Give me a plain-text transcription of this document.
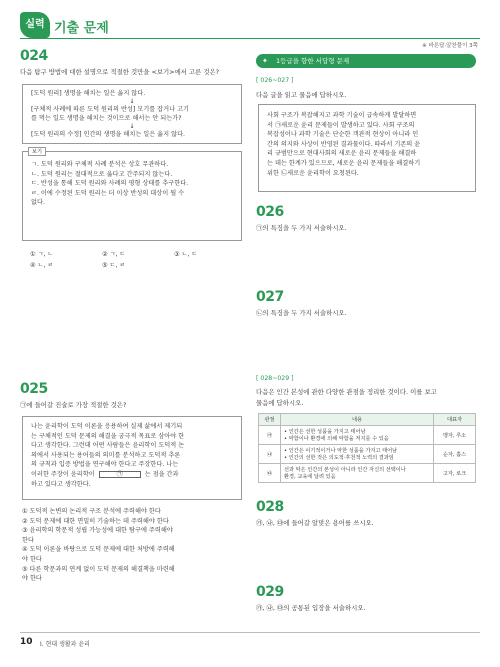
실력 기출 문제
※ 바른답·알찬풀이 3쪽
024
다음 탐구 방법에 대한 설명으로 적절한 것만을 <보기>에서 고른 것은?
[도덕 원리] 생명을 해치는 일은 옳지 않다.
↓
[구체적 사례에 따른 도덕 원리의 반성] 모기를 잡거나 고기
를 먹는 일도 생명을 해치는 것이므로 해서는 안 되는가?
↓
[도덕 원리의 수정] 인간의 생명을 해치는 일은 옳지 않다.
ㄱ. 도덕 원리와 구체적 사례 분석은 상호 무관하다.
ㄴ. 도덕 원리는 절대적으로 옳다고 간주되지 않는다.
ㄷ. 반성을 통해 도덕 원리와 사례의 평형 상태를 추구한다.
ㄹ. 이에 수정된 도덕 원리는 더 이상 반성의 대상이 될 수
없다.
보기
① ㄱ, ㄴ	② ㄱ, ㄷ	③ ㄴ, ㄷ
④ ㄴ, ㄹ	⑤ ㄷ, ㄹ
025
㉠에 들어갈 진술로 가장 적절한 것은?
나는 윤리학이 도덕 이론을 응용하여 실제 삶에서 제기되
는 구체적인 도덕 문제의 해결을 궁극적 목표로 삼아야 한
다고 생각한다. 그런데 어떤 사람들은 윤리학이 도덕적 논
의에서 사용되는 용어들의 의미를 분석하고 도덕적 추론
의 규칙과 입증 방법을 연구해야 한다고 주장한다. 나는
이러한 주장이 윤리학이	㉠	는 점을 간과
하고 있다고 생각한다.
① 도덕적 논변의 논리적 구조 분석에 주력해야 한다
② 도덕 문제에 대한 면밀히 기술하는 데 주력해야 한다
③ 윤리학의 학문적 성립 가능성에 대한 탐구에 주력해야
한다
④ 도덕 이론을 바탕으로 도덕 문제에 대한 처방에 주력해
야 한다
⑤ 다른 학문과의 연계 없이 도덕 문제의 해결책을 마련해
야 한다
✦ 1등급을 향한 서답형 문제
[ 026~027 ]
다음 글을 읽고 물음에 답하시오.
사회 구조가 복잡해지고 과학 기술이 급속하게 발달하면
서 ㉠새로운 윤리 문제들이 발생하고 있다. 사회 구조의
복잡성이나 과학 기술은 단순한 객관적 현상이 아니라 인
간의 의지와 사상이 반영된 결과물이다. 따라서 기존의 윤
리 규범만으로 현대사회의 새로운 윤리 문제들을 해결하
는 데는 한계가 있으므로, 새로운 윤리 문제들을 해결하기
위한 ㉡새로운 윤리학이 요청된다.
026
㉠의 특징을 두 가지 서술하시오.
027
㉡의 특징을 두 가지 서술하시오.
[ 028~029 ]
다음은 인간 본성에 관한 다양한 관점을 정리한 것이다. 이를 보고
물음에 답하시오.
관점	내용	대표자
㉮	• 인간은 선한 성품을 가지고 태어남
• 악함이나 환경에 의해 악함을 저지를 수 있음	맹자, 루소
㉯	• 인간은 이기적이거나 악한 성품을 가지고 태어남
• 인간의 선한 것은 의도적·후천적 노력의 결과임	순자, 홉스
㉰	선과 악은 인간의 본성이 아니라 인간 자신의 선택이나
환경, 교육에 달려 있음	고자, 로크
028
㉮, ㉯, ㉰에 들어갈 알맞은 용어를 쓰시오.
029
㉮, ㉯, ㉰의 공통된 입장을 서술하시오.
10 Ⅰ. 현대 생활과 윤리
